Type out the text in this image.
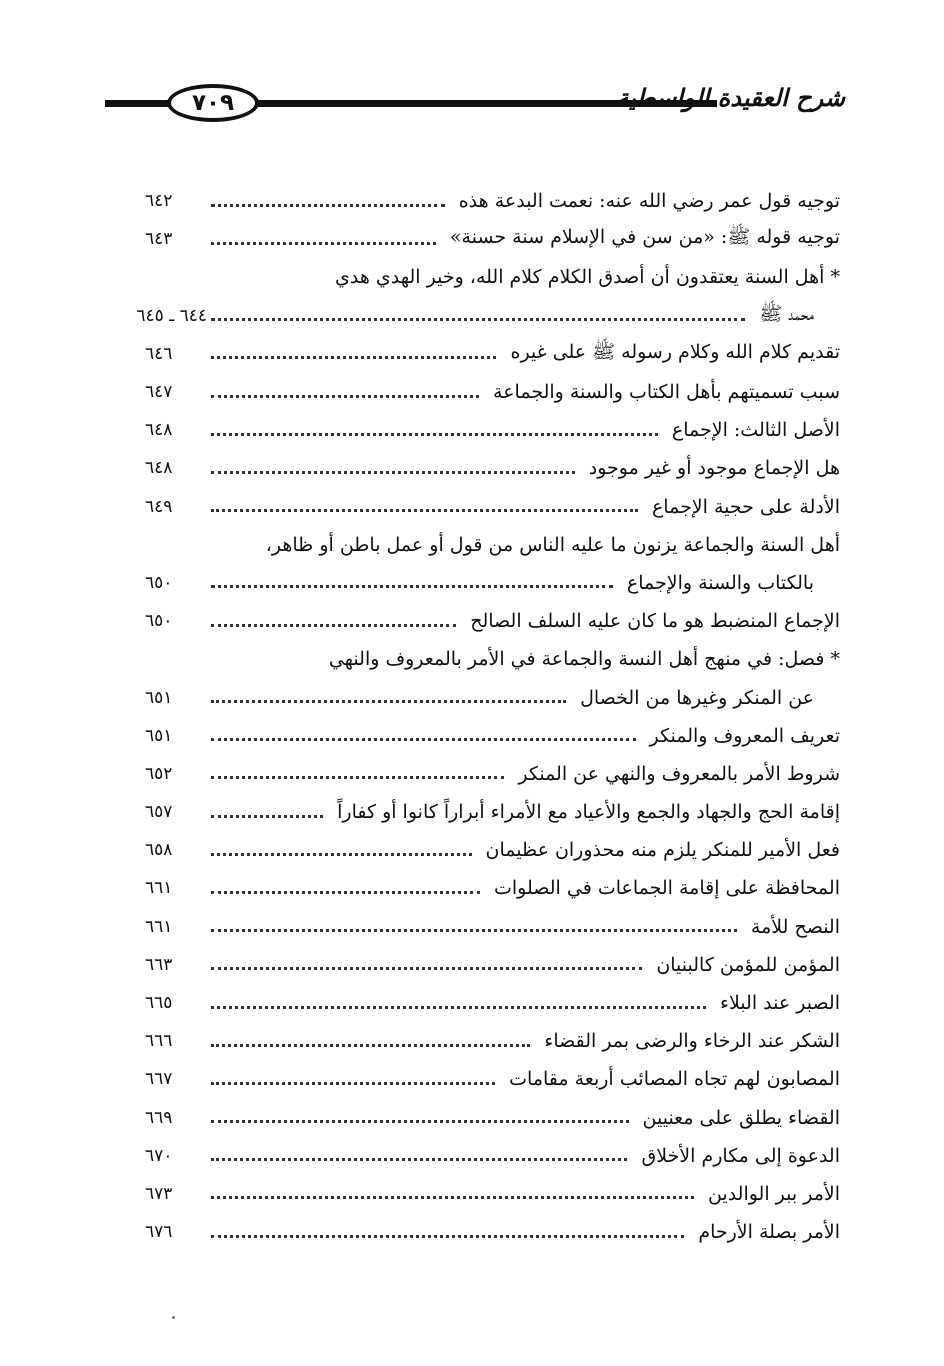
٧٠٩	شرح العقيدة الواسطية
توجيه قول عمر رضي الله عنه: نعمت البدعة هذه
٦٤٢
توجيه قوله ﷺ: «من سن في الإسلام سنة حسنة»
٦٤٣
* أهل السنة يعتقدون أن أصدق الكلام كلام الله، وخير الهدي هدي
محمد ﷺ
٦٤٤ ـ ٦٤٥
تقديم كلام الله وكلام رسوله ﷺ على غيره
٦٤٦
سبب تسميتهم بأهل الكتاب والسنة والجماعة
٦٤٧
الأصل الثالث: الإجماع
٦٤٨
هل الإجماع موجود أو غير موجود
٦٤٨
الأدلة على حجية الإجماع
٦٤٩
أهل السنة والجماعة يزنون ما عليه الناس من قول أو عمل باطن أو ظاهر،
بالكتاب والسنة والإجماع
٦٥٠
الإجماع المنضبط هو ما كان عليه السلف الصالح
٦٥٠
* فصل: في منهج أهل النسة والجماعة في الأمر بالمعروف والنهي
عن المنكر وغيرها من الخصال
٦٥١
تعريف المعروف والمنكر
٦٥١
شروط الأمر بالمعروف والنهي عن المنكر
٦٥٢
إقامة الحج والجهاد والجمع والأعياد مع الأمراء أبراراً كانوا أو كفاراً
٦٥٧
فعل الأمير للمنكر يلزم منه محذوران عظيمان
٦٥٨
المحافظة على إقامة الجماعات في الصلوات
٦٦١
النصح للأمة
٦٦١
المؤمن للمؤمن كالبنيان
٦٦٣
الصبر عند البلاء
٦٦٥
الشكر عند الرخاء والرضى بمر القضاء
٦٦٦
المصابون لهم تجاه المصائب أربعة مقامات
٦٦٧
القضاء يطلق على معنيين
٦٦٩
الدعوة إلى مكارم الأخلاق
٦٧٠
الأمر ببر الوالدين
٦٧٣
الأمر بصلة الأرحام
٦٧٦
